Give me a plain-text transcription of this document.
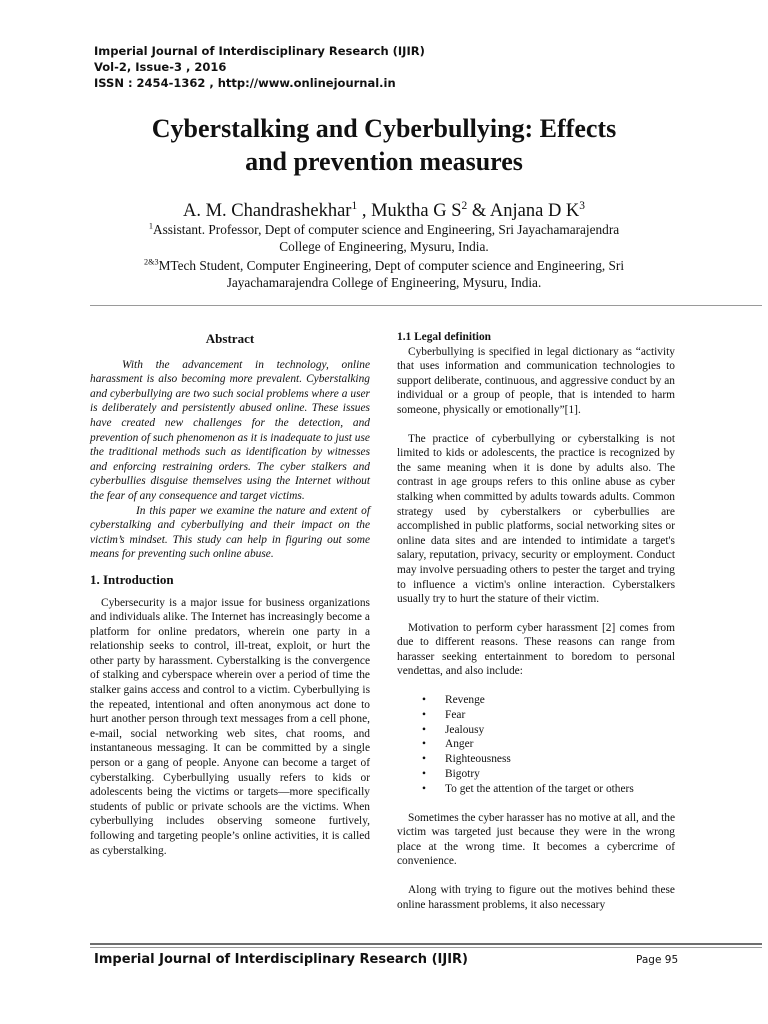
Imperial Journal of Interdisciplinary Research (IJIR)
Vol-2, Issue-3 , 2016
ISSN : 2454-1362 , http://www.onlinejournal.in
Cyberstalking and Cyberbullying: Effects
and prevention measures
A. M. Chandrashekhar$^1$ , Muktha G $S^2$ & Anjana D $K^3$
$^1$Assistant. Professor, Dept of computer science and Engineering, Sri Jayachamarajendra
College of Engineering, Mysuru, India.
$^{2\&3}$MTech Student, Computer Engineering, Dept of computer science and Engineering, Sri
Jayachamarajendra College of Engineering, Mysuru, India.
Abstract

With the advancement in technology, online harassment is also becoming more prevalent. Cyberstalking and cyberbullying are two such social problems where a user is deliberately and persistently abused online. These issues have created new challenges for the detection, and prevention of such phenomenon as it is inadequate to just use the traditional methods such as identification by witnesses and enforcing restraining orders. The cyber stalkers and cyberbullies disguise themselves using the Internet without the fear of any consequence and target victims.

In this paper we examine the nature and extent of cyberstalking and cyberbullying and their impact on the victim’s mindset. This study can help in figuring out some means for preventing such online abuse.

1. Introduction

Cybersecurity is a major issue for business organizations and individuals alike. The Internet has increasingly become a platform for online predators, wherein one party in a relationship seeks to control, ill-treat, exploit, or hurt the other party by harassment. Cyberstalking is the convergence of stalking and cyberspace wherein over a period of time the stalker gains access and control to a victim. Cyberbullying is the repeated, intentional and often anonymous act done to hurt another person through text messages from a cell phone, e-mail, social networking web sites, chat rooms, and instantaneous messaging. It can be committed by a single person or a gang of people. Anyone can become a target of cyberstalking. Cyberbullying usually refers to kids or adolescents being the victims or targets—more specifically students of public or private schools are the victims. When cyberbullying includes observing someone furtively, following and targeting people’s online activities, it is called as cyberstalking.

1.1 Legal definition

Cyberbullying is specified in legal dictionary as “activity that uses information and communication technologies to support deliberate, continuous, and aggressive conduct by an individual or a group of people, that is intended to harm someone, physically or emotionally”[1].

The practice of cyberbullying or cyberstalking is not limited to kids or adolescents, the practice is recognized by the same meaning when it is done by adults also. The contrast in age groups refers to this online abuse as cyber stalking when committed by adults towards adults. Common strategy used by cyberstalkers or cyberbullies are accomplished in public platforms, social networking sites or online data sites and are intended to intimidate a target's salary, reputation, privacy, security or employment. Conduct may involve persuading others to pester the target and trying to influence a victim's online interaction. Cyberstalkers usually try to hurt the stature of their victim.

Motivation to perform cyber harassment [2] comes from due to different reasons. These reasons can range from harasser seeking entertainment to boredom to personal vendettas, and also include:

• Revenge
• Fear
• Jealousy
• Anger
• Righteousness
• Bigotry
• To get the attention of the target or others

Sometimes the cyber harasser has no motive at all, and the victim was targeted just because they were in the wrong place at the wrong time. It becomes a cybercrime of convenience.

Along with trying to figure out the motives behind these online harassment problems, it also necessary

Imperial Journal of Interdisciplinary Research (IJIR)	Page 95
